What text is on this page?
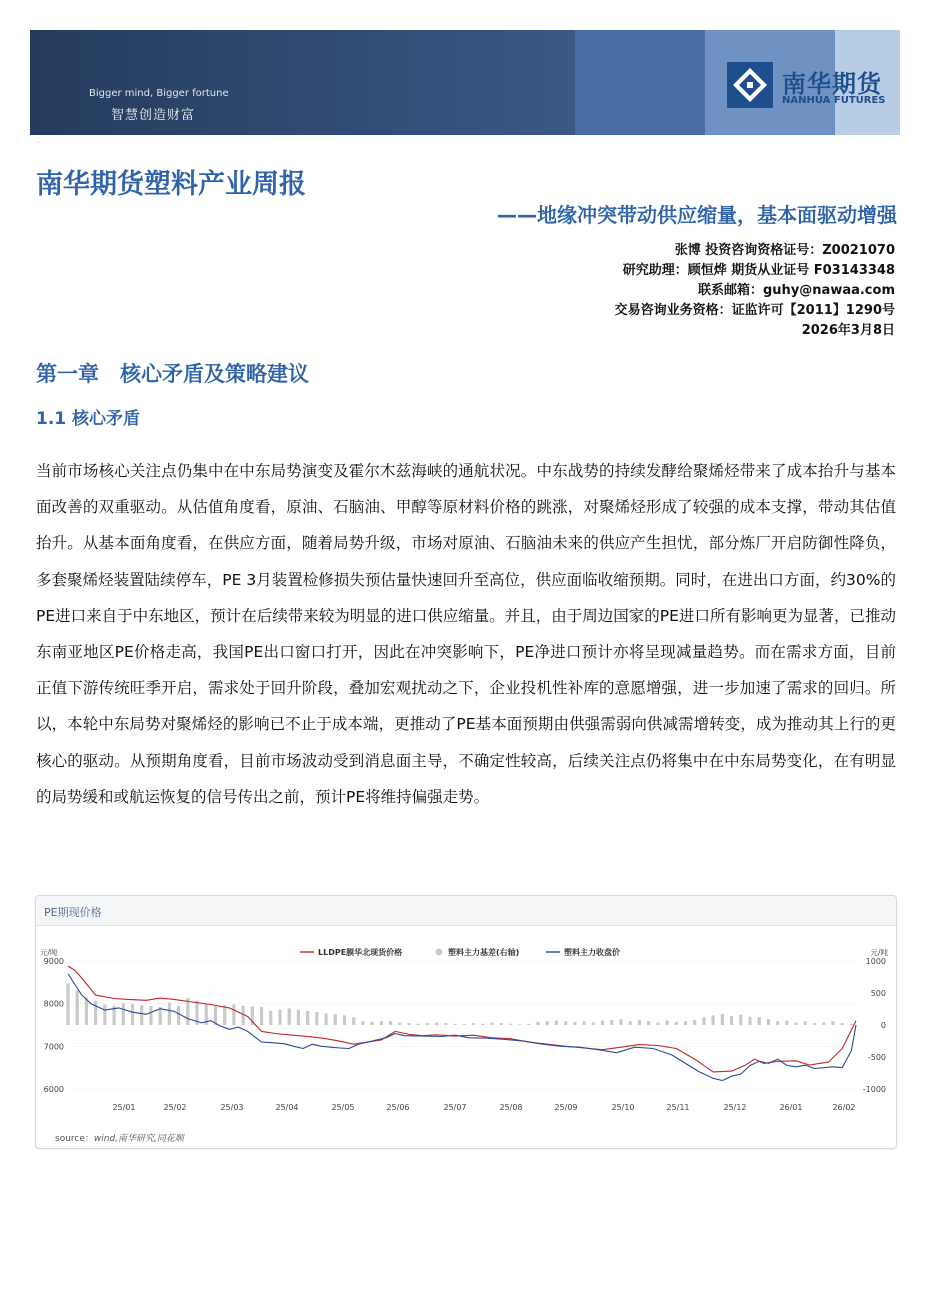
Bigger mind, Bigger fortune
智慧创造财富
南华期货
NANHUA FUTURES
·
南华期货塑料产业周报
——地缘冲突带动供应缩量，基本面驱动增强
张博 投资咨询资格证号：Z0021070
研究助理：顾恒烨 期货从业证号 F03143348
联系邮箱：guhy@nawaa.com
交易咨询业务资格：证监许可【2011】1290号
2026年3月8日
第一章　核心矛盾及策略建议
1.1 核心矛盾

当前市场核心关注点仍集中在中东局势演变及霍尔木兹海峡的通航状况。中东战势的持续发酵给聚烯烃带来了成本抬升与基本面改善的双重驱动。从估值角度看，原油、石脑油、甲醇等原材料价格的跳涨，对聚烯烃形成了较强的成本支撑，带动其估值抬升。从基本面角度看，在供应方面，随着局势升级，市场对原油、石脑油未来的供应产生担忧，部分炼厂开启防御性降负，多套聚烯烃装置陆续停车，PE 3月装置检修损失预估量快速回升至高位，供应面临收缩预期。同时，在进出口方面，约30%的PE进口来自于中东地区，预计在后续带来较为明显的进口供应缩量。并且，由于周边国家的PE进口所有影响更为显著，已推动东南亚地区PE价格走高，我国PE出口窗口打开，因此在冲突影响下，PE净进口预计亦将呈现减量趋势。而在需求方面，目前正值下游传统旺季开启，需求处于回升阶段，叠加宏观扰动之下，企业投机性补库的意愿增强，进一步加速了需求的回归。所以，本轮中东局势对聚烯烃的影响已不止于成本端，更推动了PE基本面预期由供强需弱向供减需增转变，成为推动其上行的更核心的驱动。从预期角度看，目前市场波动受到消息面主导，不确定性较高，后续关注点仍将集中在中东局势变化，在有明显的局势缓和或航运恢复的信号传出之前，预计PE将维持偏强走势。

PE期现价格
元/吨	元/吨
9000
8000
7000
6000
1000
500
0
-500
-1000
25/01	25/02	25/03	25/04	25/05	25/06	25/07	25/08	25/09	25/10	25/11	25/12	26/01	26/02
LLDPE膜华北现货价格	塑料主力基差(右轴)	塑料主力收盘价
source：wind,南华研究,同花顺
